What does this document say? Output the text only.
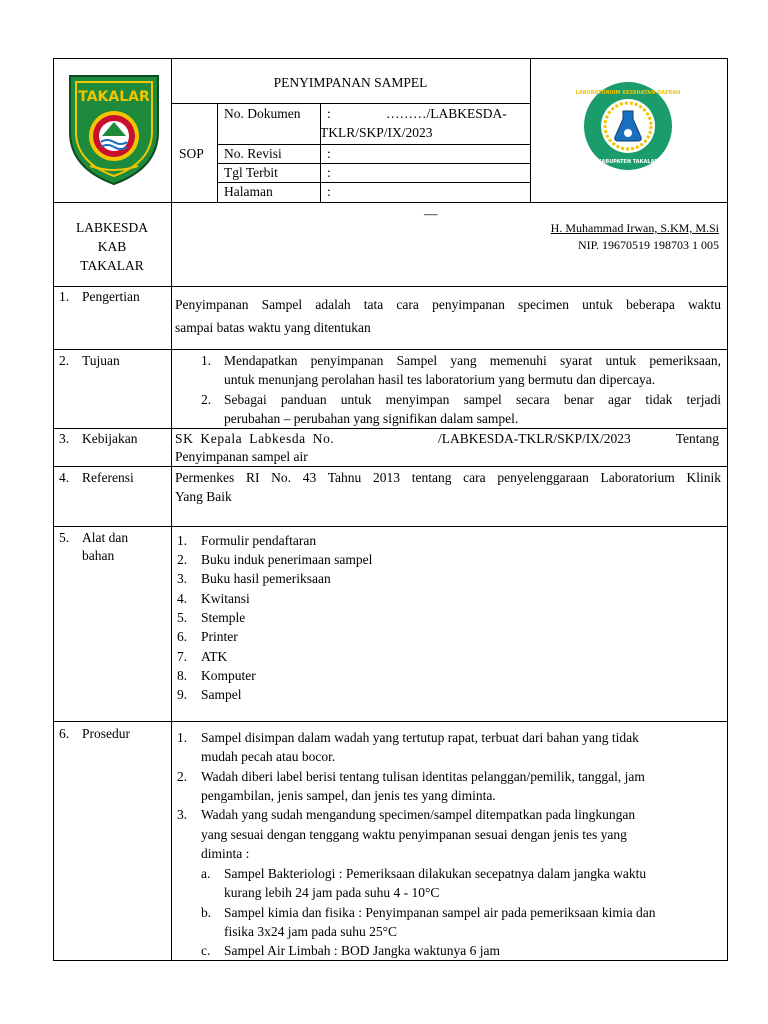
TAKALAR
PENYIMPANAN SAMPEL
SOP
No. Dokumen :	………/LABKESDA-
TKLR/SKP/IX/2023
No. Revisi	:
Tgl Terbit	:
Halaman	:
LABORATORIUM KESEHATAN DAERAH
KABUPATEN TAKALAR
LABKESDA
KAB
TAKALAR
—
H. Muhammad Irwan, S.KM, M.Si
NIP. 19670519 198703 1 005
1. Pengertian
Penyimpanan Sampel adalah tata cara penyimpanan specimen untuk beberapa waktu
sampai batas waktu yang ditentukan
2. Tujuan	1. Mendapatkan penyimpanan Sampel yang memenuhi syarat untuk pemeriksaan,
untuk menunjang perolahan hasil tes laboratorium yang bermutu dan dipercaya.
2. Sebagai panduan untuk menyimpan sampel secara benar agar tidak terjadi
perubahan – perubahan yang signifikan dalam sampel.
3. Kebijakan	SK Kepala Labkesda No.	/LABKESDA-TKLR/SKP/IX/2023	Tentang
Penyimpanan sampel air
4. Referensi	Permenkes RI No. 43 Tahnu 2013 tentang cara penyelenggaraan Laboratorium Klinik
Yang Baik
5. Alat dan
bahan
1. Formulir pendaftaran
2. Buku induk penerimaan sampel
3. Buku hasil pemeriksaan
4. Kwitansi
5. Stemple
6. Printer
7. ATK
8. Komputer
9. Sampel
6. Prosedur	1. Sampel disimpan dalam wadah yang tertutup rapat, terbuat dari bahan yang tidak
mudah pecah atau bocor.
2. Wadah diberi label berisi tentang tulisan identitas pelanggan/pemilik, tanggal, jam
pengambilan, jenis sampel, dan jenis tes yang diminta.
3. Wadah yang sudah mengandung specimen/sampel ditempatkan pada lingkungan
yang sesuai dengan tenggang waktu penyimpanan sesuai dengan jenis tes yang
diminta :
a. Sampel Bakteriologi : Pemeriksaan dilakukan secepatnya dalam jangka waktu
kurang lebih 24 jam pada suhu 4 - 10°C
b. Sampel kimia dan fisika : Penyimpanan sampel air pada pemeriksaan kimia dan
fisika 3x24 jam pada suhu 25°C
c. Sampel Air Limbah : BOD Jangka waktunya 6 jam
